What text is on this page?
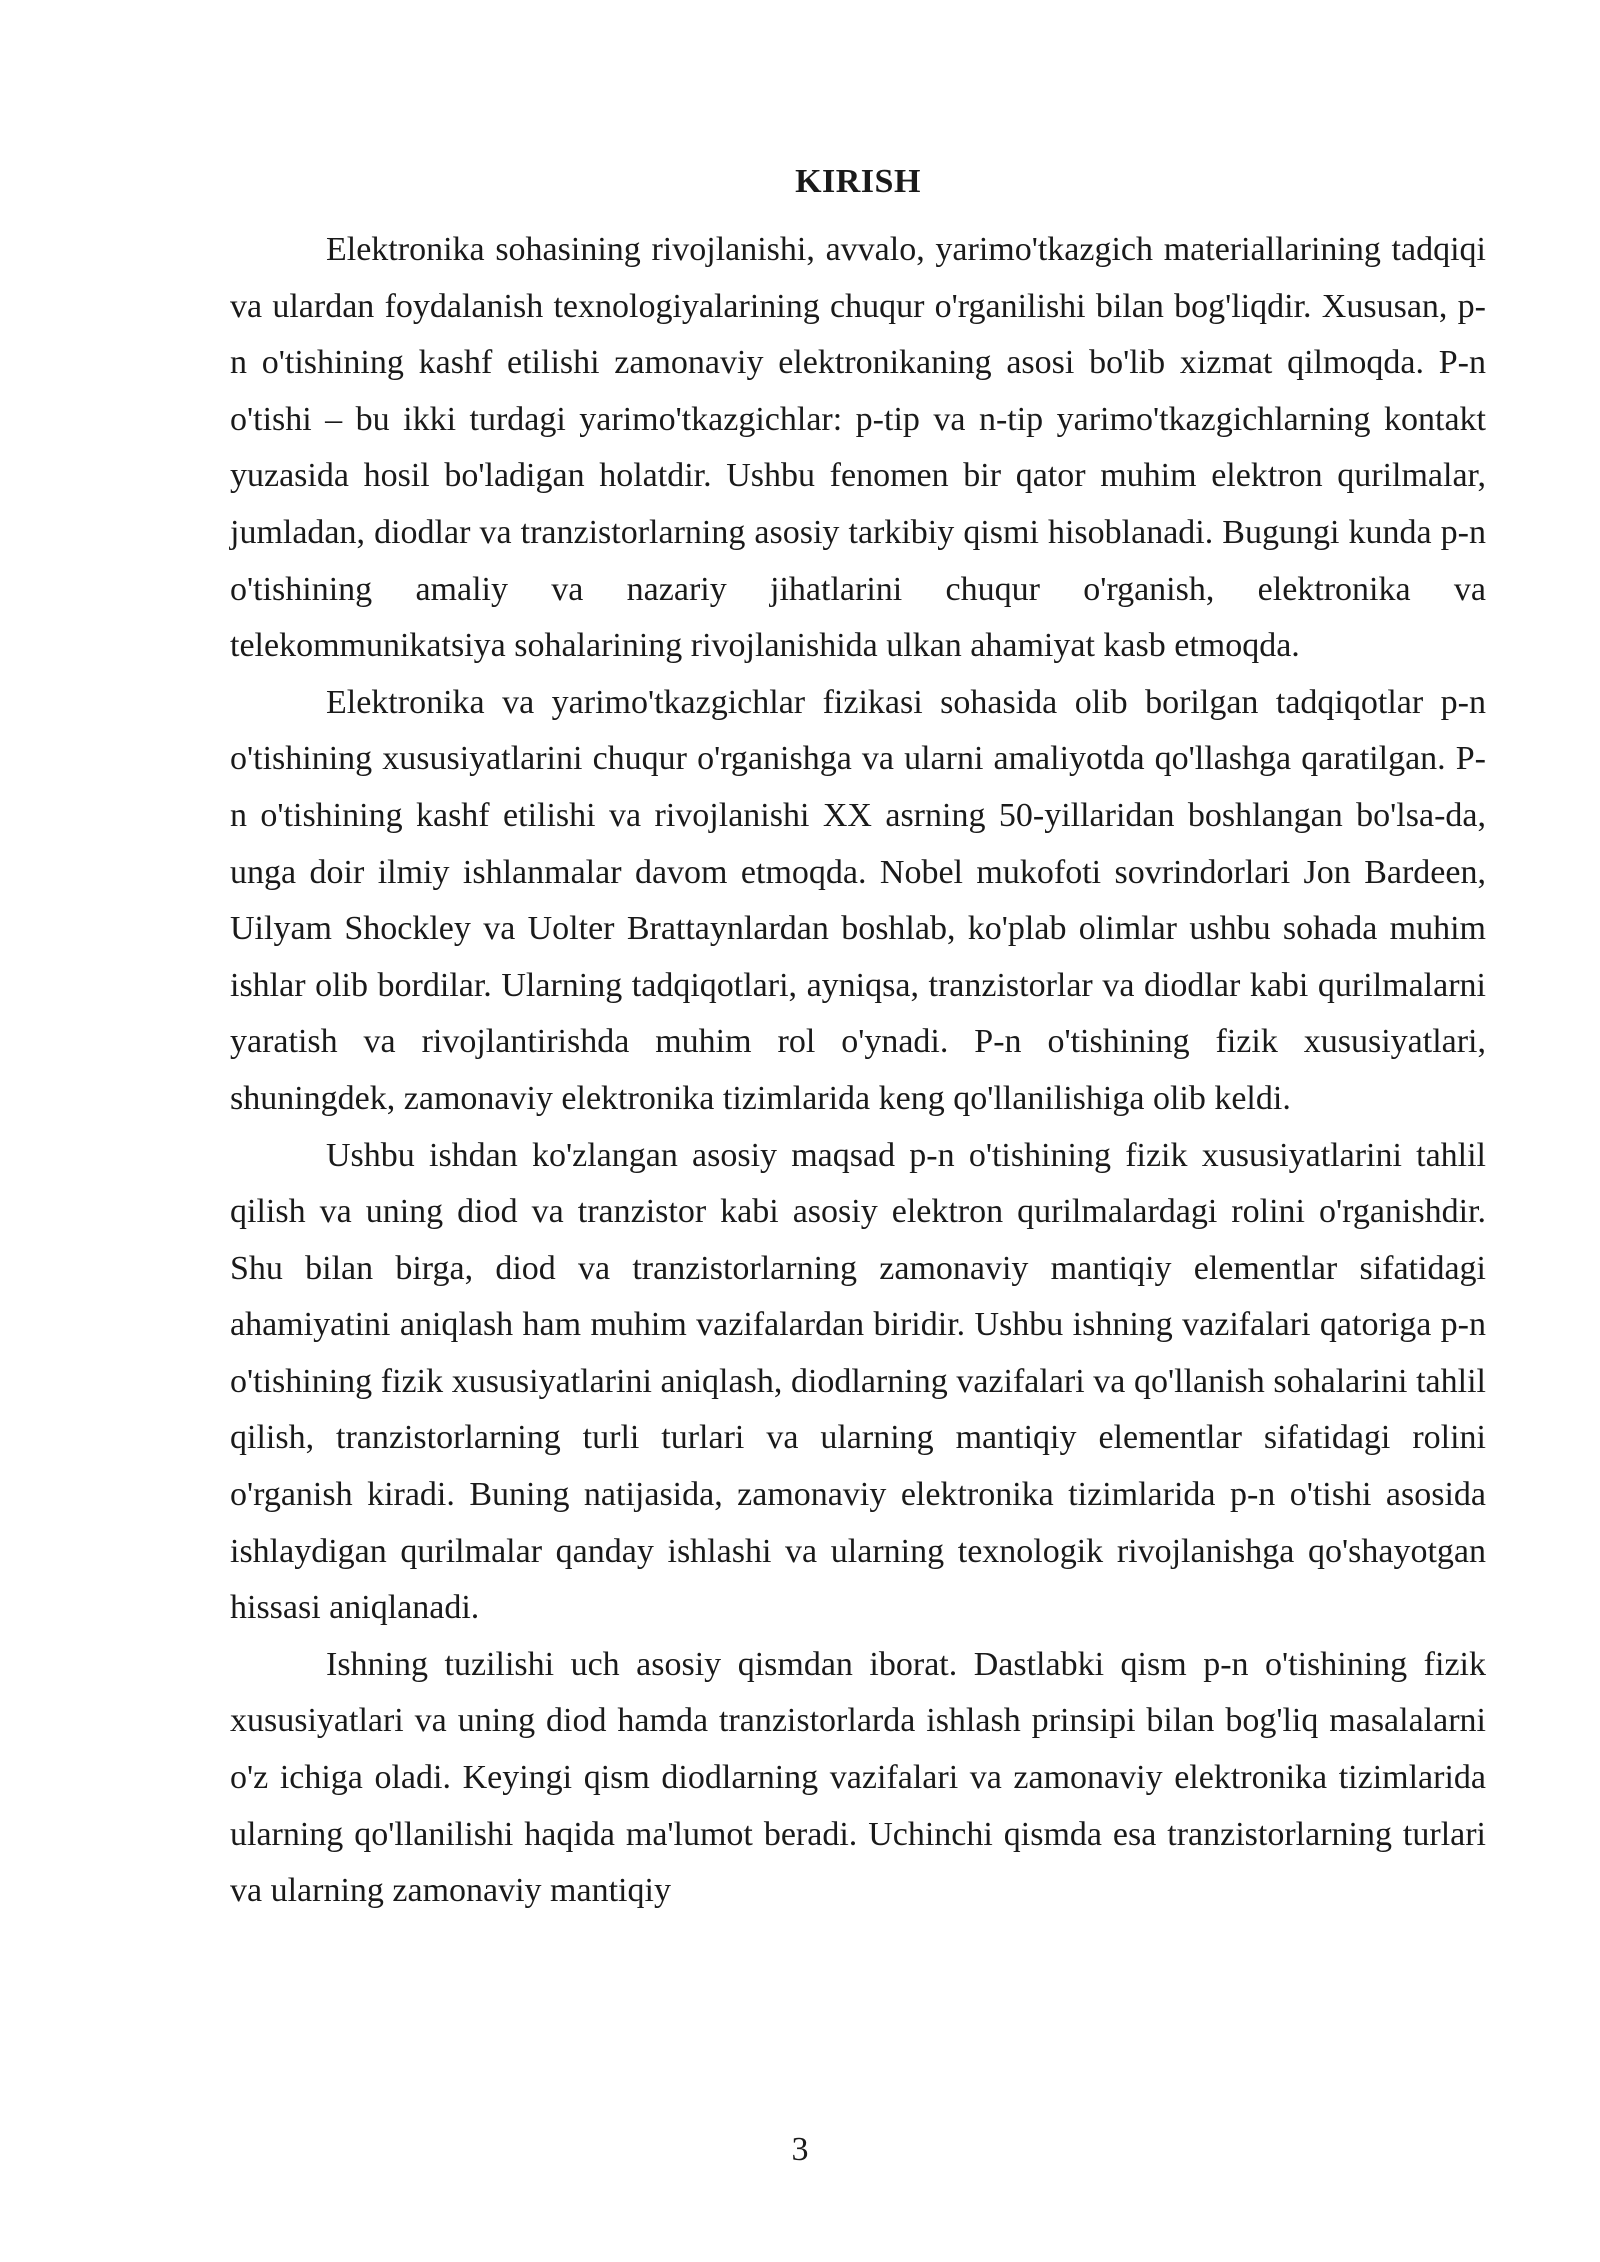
KIRISH

Elektronika sohasining rivojlanishi, avvalo, yarimo'tkazgich materiallarining tadqiqi va ulardan foydalanish texnologiyalarining chuqur o'rganilishi bilan bog'liqdir. Xususan, p-n o'tishining kashf etilishi zamonaviy elektronikaning asosi bo'lib xizmat qilmoqda. P-n o'tishi – bu ikki turdagi yarimo'tkazgichlar: p-tip va n-tip yarimo'tkazgichlarning kontakt yuzasida hosil bo'ladigan holatdir. Ushbu fenomen bir qator muhim elektron qurilmalar, jumladan, diodlar va tranzistorlarning asosiy tarkibiy qismi hisoblanadi. Bugungi kunda p-n o'tishining amaliy va nazariy jihatlarini chuqur o'rganish, elektronika va telekommunikatsiya sohalarining rivojlanishida ulkan ahamiyat kasb etmoqda.

Elektronika va yarimo'tkazgichlar fizikasi sohasida olib borilgan tadqiqotlar p-n o'tishining xususiyatlarini chuqur o'rganishga va ularni amaliyotda qo'llashga qaratilgan. P-n o'tishining kashf etilishi va rivojlanishi XX asrning 50-yillaridan boshlangan bo'lsa-da, unga doir ilmiy ishlanmalar davom etmoqda. Nobel mukofoti sovrindorlari Jon Bardeen, Uilyam Shockley va Uolter Brattaynlardan boshlab, ko'plab olimlar ushbu sohada muhim ishlar olib bordilar. Ularning tadqiqotlari, ayniqsa, tranzistorlar va diodlar kabi qurilmalarni yaratish va rivojlantirishda muhim rol o'ynadi. P-n o'tishining fizik xususiyatlari, shuningdek, zamonaviy elektronika tizimlarida keng qo'llanilishiga olib keldi.

Ushbu ishdan ko'zlangan asosiy maqsad p-n o'tishining fizik xususiyatlarini tahlil qilish va uning diod va tranzistor kabi asosiy elektron qurilmalardagi rolini o'rganishdir. Shu bilan birga, diod va tranzistorlarning zamonaviy mantiqiy elementlar sifatidagi ahamiyatini aniqlash ham muhim vazifalardan biridir. Ushbu ishning vazifalari qatoriga p-n o'tishining fizik xususiyatlarini aniqlash, diodlarning vazifalari va qo'llanish sohalarini tahlil qilish, tranzistorlarning turli turlari va ularning mantiqiy elementlar sifatidagi rolini o'rganish kiradi. Buning natijasida, zamonaviy elektronika tizimlarida p-n o'tishi asosida ishlaydigan qurilmalar qanday ishlashi va ularning texnologik rivojlanishga qo'shayotgan hissasi aniqlanadi.

Ishning tuzilishi uch asosiy qismdan iborat. Dastlabki qism p-n o'tishining fizik xususiyatlari va uning diod hamda tranzistorlarda ishlash prinsipi bilan bog'liq masalalarni o'z ichiga oladi. Keyingi qism diodlarning vazifalari va zamonaviy elektronika tizimlarida ularning qo'llanilishi haqida ma'lumot beradi. Uchinchi qismda esa tranzistorlarning turlari va ularning zamonaviy mantiqiy

3
